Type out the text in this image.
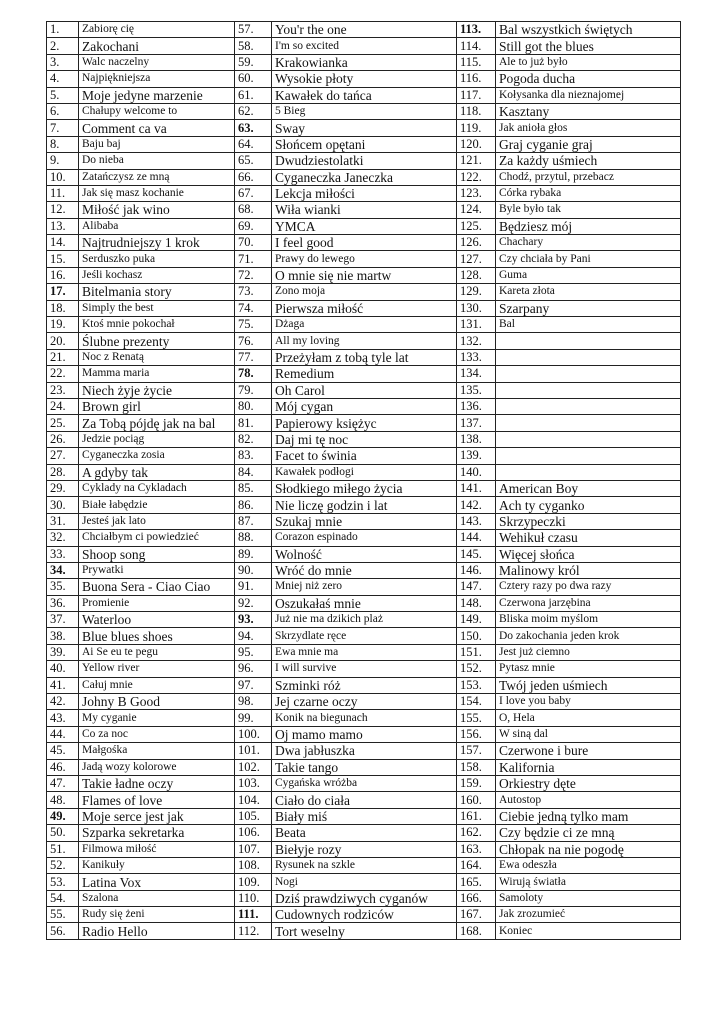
1.	Zabiorę cię	57.	You'r the one	113.	Bal wszystkich świętych
2.	Zakochani	58.	I'm so excited	114.	Still got the blues
3.	Walc naczelny	59.	Krakowianka	115.	Ale to już było
4.	Najpiękniejsza	60.	Wysokie płoty	116.	Pogoda ducha
5.	Moje jedyne marzenie	61.	Kawałek do tańca	117.	Kołysanka dla nieznajomej
6.	Chałupy welcome to	62.	5 Bieg	118.	Kasztany
7.	Comment ca va	63.	Sway	119.	Jak anioła głos
8.	Baju baj	64.	Słońcem opętani	120.	Graj cyganie graj
9.	Do nieba	65.	Dwudziestolatki	121.	Za każdy uśmiech
10.	Zatańczysz ze mną	66.	Cyganeczka Janeczka	122.	Chodź, przytul, przebacz
11.	Jak się masz kochanie	67.	Lekcja miłości	123.	Córka rybaka
12.	Miłość jak wino	68.	Wiła wianki	124.	Byle było tak
13.	Alibaba	69.	YMCA	125.	Będziesz mój
14.	Najtrudniejszy 1 krok	70.	I feel good	126.	Chachary
15.	Serduszko puka	71.	Prawy do lewego	127.	Czy chciała by Pani
16.	Jeśli kochasz	72.	O mnie się nie martw	128.	Guma
17.	Bitelmania story	73.	Zono moja	129.	Kareta złota
18.	Simply the best	74.	Pierwsza miłość	130.	Szarpany
19.	Ktoś mnie pokochał	75.	Dżaga	131.	Bal
20.	Ślubne prezenty	76.	All my loving	132.	
21.	Noc z Renatą	77.	Przeżyłam z tobą tyle lat	133.	
22.	Mamma maria	78.	Remedium	134.	
23.	Niech żyje życie	79.	Oh Carol	135.	
24.	Brown girl	80.	Mój cygan	136.	
25.	Za Tobą pójdę jak na bal	81.	Papierowy księżyc	137.	
26.	Jedzie pociąg	82.	Daj mi tę noc	138.	
27.	Cyganeczka zosia	83.	Facet to świnia	139.	
28.	A gdyby tak	84.	Kawałek podłogi	140.	
29.	Cyklady na Cykladach	85.	Słodkiego miłego życia	141.	American Boy
30.	Białe łabędzie	86.	Nie liczę godzin i lat	142.	Ach ty cyganko
31.	Jesteś jak lato	87.	Szukaj mnie	143.	Skrzypeczki
32.	Chciałbym ci powiedzieć	88.	Corazon espinado	144.	Wehikuł czasu
33.	Shoop song	89.	Wolność	145.	Więcej słońca
34.	Prywatki	90.	Wróć do mnie	146.	Malinowy król
35.	Buona Sera - Ciao Ciao	91.	Mniej niż zero	147.	Cztery razy po dwa razy
36.	Promienie	92.	Oszukałaś mnie	148.	Czerwona jarzębina
37.	Waterloo	93.	Już nie ma dzikich plaż	149.	Bliska moim myślom
38.	Blue blues shoes	94.	Skrzydlate ręce	150.	Do zakochania jeden krok
39.	Ai Se eu te pegu	95.	Ewa mnie ma	151.	Jest już ciemno
40.	Yellow river	96.	I will survive	152.	Pytasz mnie
41.	Całuj mnie	97.	Szminki róż	153.	Twój jeden uśmiech
42.	Johny B Good	98.	Jej czarne oczy	154.	I love you baby
43.	My cyganie	99.	Konik na biegunach	155.	O, Hela
44.	Co za noc	100.	Oj mamo mamo	156.	W siną dal
45.	Małgośka	101.	Dwa jabłuszka	157.	Czerwone i bure
46.	Jadą wozy kolorowe	102.	Takie tango	158.	Kalifornia
47.	Takie ładne oczy	103.	Cygańska wróżba	159.	Orkiestry dęte
48.	Flames of love	104.	Ciało do ciała	160.	Autostop
49.	Moje serce jest jak	105.	Biały miś	161.	Ciebie jedną tylko mam
50.	Szparka sekretarka	106.	Beata	162.	Czy będzie ci ze mną
51.	Filmowa miłość	107.	Biełyje rozy	163.	Chłopak na nie pogodę
52.	Kanikuły	108.	Rysunek na szkle	164.	Ewa odeszła
53.	Latina Vox	109.	Nogi	165.	Wirują światła
54.	Szalona	110.	Dziś prawdziwych cyganów	166.	Samoloty
55.	Rudy się żeni	111.	Cudownych rodziców	167.	Jak zrozumieć
56.	Radio Hello	112.	Tort weselny	168.	Koniec
